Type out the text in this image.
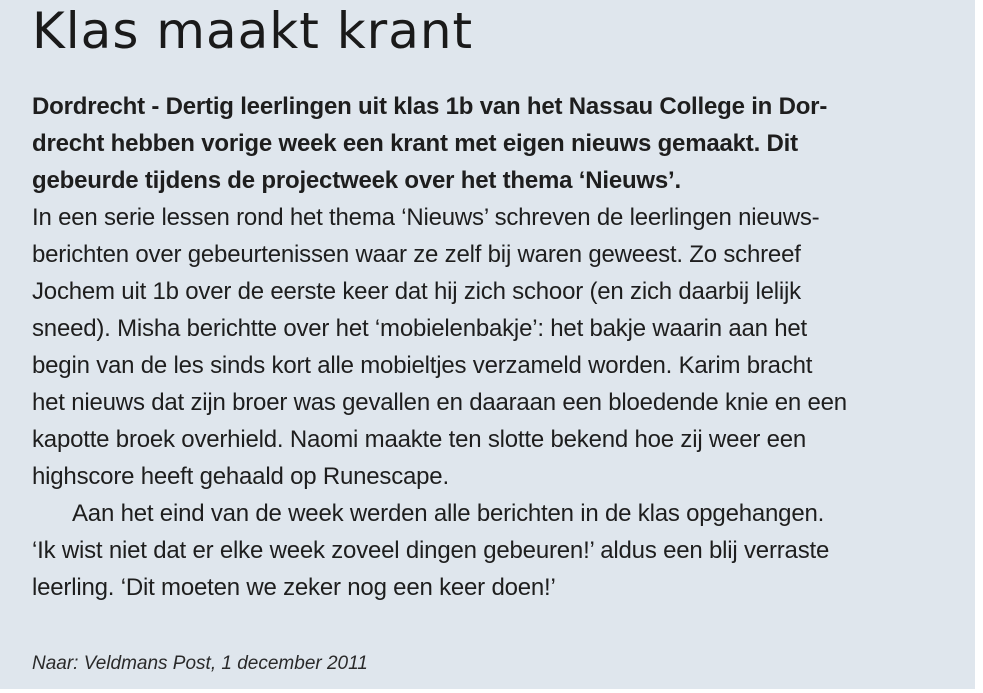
Klas maakt krant
Dordrecht - Dertig leerlingen uit klas 1b van het Nassau College in Dor-
drecht hebben vorige week een krant met eigen nieuws gemaakt. Dit
gebeurde tijdens de projectweek over het thema ‘Nieuws’.
In een serie lessen rond het thema ‘Nieuws’ schreven de leerlingen nieuws-
berichten over gebeurtenissen waar ze zelf bij waren geweest. Zo schreef
Jochem uit 1b over de eerste keer dat hij zich schoor (en zich daarbij lelijk
sneed). Misha berichtte over het ‘mobielenbakje’: het bakje waarin aan het
begin van de les sinds kort alle mobieltjes verzameld worden. Karim bracht
het nieuws dat zijn broer was gevallen en daaraan een bloedende knie en een
kapotte broek overhield. Naomi maakte ten slotte bekend hoe zij weer een
highscore heeft gehaald op Runescape.
Aan het eind van de week werden alle berichten in de klas opgehangen.
‘Ik wist niet dat er elke week zoveel dingen gebeuren!’ aldus een blij verraste
leerling. ‘Dit moeten we zeker nog een keer doen!’
Naar: Veldmans Post, 1 december 2011
